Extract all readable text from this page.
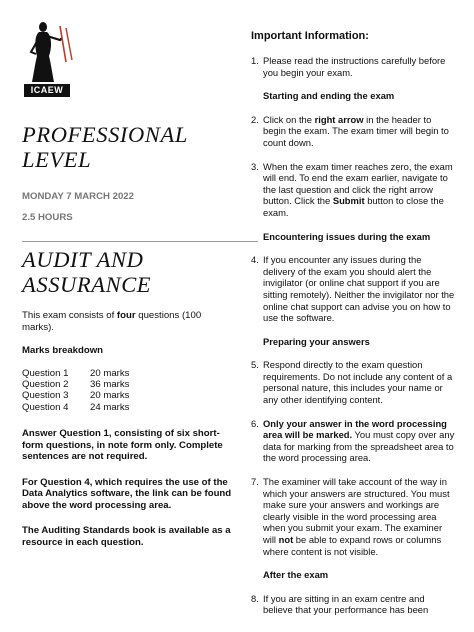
ICAEW
PROFESSIONAL
LEVEL
MONDAY 7 MARCH 2022
2.5 HOURS
AUDIT AND
ASSURANCE
This exam consists of four questions (100 marks).
Marks breakdown
Question 1	20 marks
Question 2	36 marks
Question 3	20 marks
Question 4	24 marks
Answer Question 1, consisting of six short-form questions, in note form only. Complete sentences are not required.
For Question 4, which requires the use of the Data Analytics software, the link can be found above the word processing area.
The Auditing Standards book is available as a resource in each question.
Important Information:
1. Please read the instructions carefully before you begin your exam.
Starting and ending the exam
2. Click on the right arrow in the header to begin the exam. The exam timer will begin to count down.
3. When the exam timer reaches zero, the exam will end. To end the exam earlier, navigate to the last question and click the right arrow button. Click the Submit button to close the exam.
Encountering issues during the exam
4. If you encounter any issues during the delivery of the exam you should alert the invigilator (or online chat support if you are sitting remotely). Neither the invigilator nor the online chat support can advise you on how to use the software.
Preparing your answers
5. Respond directly to the exam question requirements. Do not include any content of a personal nature, this includes your name or any other identifying content.
6. Only your answer in the word processing area will be marked. You must copy over any data for marking from the spreadsheet area to the word processing area.
7. The examiner will take account of the way in which your answers are structured. You must make sure your answers and workings are clearly visible in the word processing area when you submit your exam. The examiner will not be able to expand rows or columns where content is not visible.
After the exam
8. If you are sitting in an exam centre and believe that your performance has been
